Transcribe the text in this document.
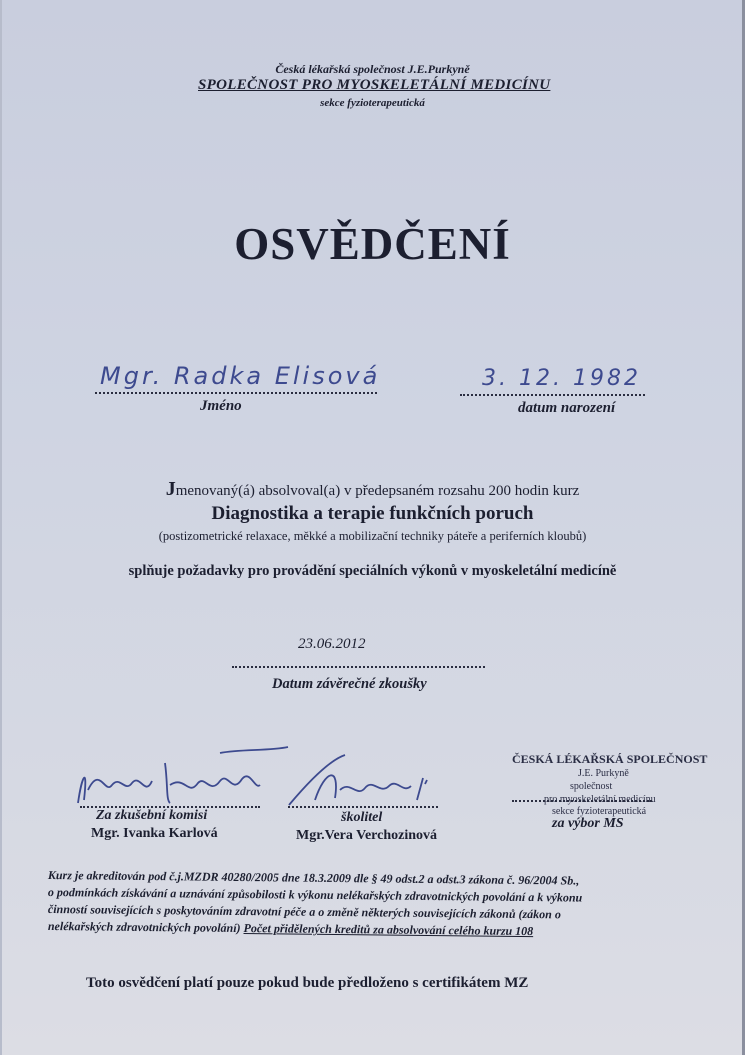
Česká lékařská společnost J.E.Purkyně
SPOLEČNOST PRO MYOSKELETÁLNÍ MEDICÍNU
sekce fyzioterapeutická
OSVĚDČENÍ
Mgr. Radka Elisová
Jméno
3. 12. 1982
datum narození
Jmenovaný(á) absolvoval(a) v předepsaném rozsahu 200 hodin kurz
Diagnostika a terapie funkčních poruch
(postizometrické relaxace, měkké a mobilizační techniky páteře a periferních kloubů)
splňuje požadavky pro provádění speciálních výkonů v myoskeletální medicíně
23.06.2012
Datum závěrečné zkoušky
Za zkušební komisi
Mgr. Ivanka Karlová
školitel
Mgr.Vera Verchozinová
ČESKÁ LÉKAŘSKÁ SPOLEČNOST
J.E. Purkyně
společnost
pro myoskeletální medicínu
sekce fyzioterapeutická
za výbor MS
Kurz je akreditován pod č.j.MZDR 40280/2005 dne 18.3.2009 dle § 49 odst.2 a odst.3 zákona č. 96/2004 Sb.,
o podmínkách získávání a uznávání způsobilosti k výkonu nelékařských zdravotnických povolání a k výkonu
činností souvisejících s poskytováním zdravotní péče a o změně některých souvisejících zákonů (zákon o
nelékařských zdravotnických povolání) Počet přidělených kreditů za absolvování celého kurzu 108
Toto osvědčení platí pouze pokud bude předloženo s certifikátem MZ
